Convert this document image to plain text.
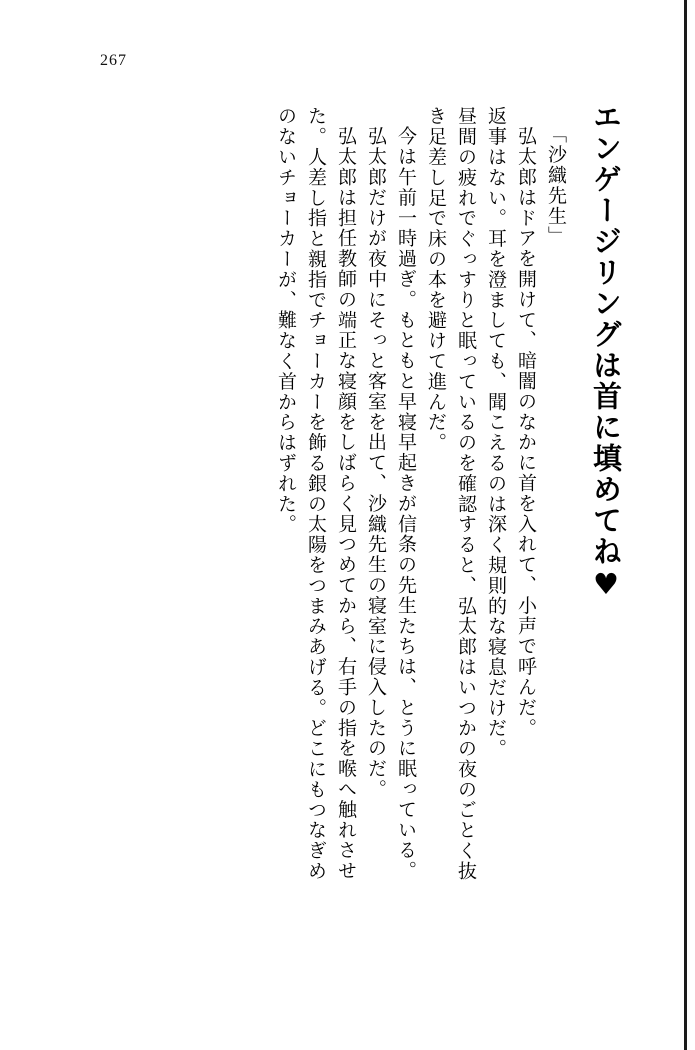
267
エンゲージリングは首に填めてね♥
「沙織先生」
弘太郎はドアを開けて、暗闇のなかに首を入れて、小声で呼んだ。
返事はない。耳を澄ましても、聞こえるのは深く規則的な寝息だけだ。
昼間の疲れでぐっすりと眠っているのを確認すると、弘太郎はいつかの夜のごとく抜
き足差し足で床の本を避けて進んだ。
今は午前一時過ぎ。もともと早寝早起きが信条の先生たちは、とうに眠っている。
弘太郎だけが夜中にそっと客室を出て、沙織先生の寝室に侵入したのだ。
弘太郎は担任教師の端正な寝顔をしばらく見つめてから、右手の指を喉へ触れさせ
た。人差し指と親指でチョーカーを飾る銀の太陽をつまみあげる。どこにもつなぎめ
のないチョーカーが、難なく首からはずれた。
